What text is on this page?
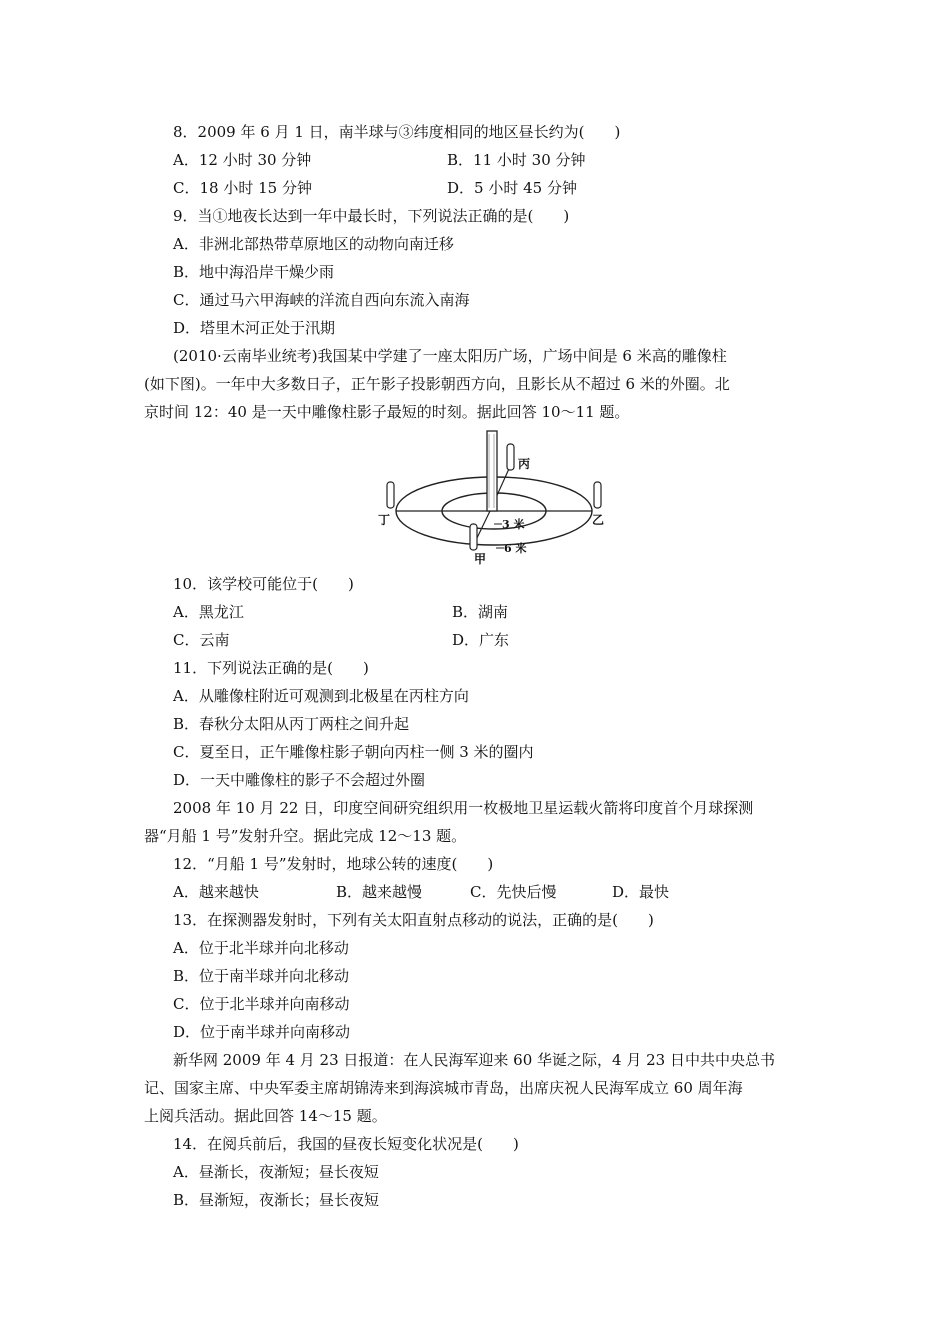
8．2009 年 6 月 1 日，南半球与③纬度相同的地区昼长约为(　　)
A．12 小时 30 分钟	B．11 小时 30 分钟
C．18 小时 15 分钟	D．5 小时 45 分钟
9．当①地夜长达到一年中最长时，下列说法正确的是(　　)
A．非洲北部热带草原地区的动物向南迁移
B．地中海沿岸干燥少雨
C．通过马六甲海峡的洋流自西向东流入南海
D．塔里木河正处于汛期
(2010·云南毕业统考)我国某中学建了一座太阳历广场，广场中间是 6 米高的雕像柱
(如下图)。一年中大多数日子，正午影子投影朝西方向，且影长从不超过 6 米的外圈。北
京时间 12：40 是一天中雕像柱影子最短的时刻。据此回答 10～11 题。
丙
丁	乙
甲
3 米
6 米
10．该学校可能位于(　　)
A．黑龙江	B．湖南
C．云南	D．广东
11．下列说法正确的是(　　)
A．从雕像柱附近可观测到北极星在丙柱方向
B．春秋分太阳从丙丁两柱之间升起
C．夏至日，正午雕像柱影子朝向丙柱一侧 3 米的圈内
D．一天中雕像柱的影子不会超过外圈
2008 年 10 月 22 日，印度空间研究组织用一枚极地卫星运载火箭将印度首个月球探测
器“月船 1 号”发射升空。据此完成 12～13 题。
12．“月船 1 号”发射时，地球公转的速度(　　)
A．越来越快	B．越来越慢	C．先快后慢	D．最快
13．在探测器发射时，下列有关太阳直射点移动的说法，正确的是(　　)
A．位于北半球并向北移动
B．位于南半球并向北移动
C．位于北半球并向南移动
D．位于南半球并向南移动
新华网 2009 年 4 月 23 日报道：在人民海军迎来 60 华诞之际，4 月 23 日中共中央总书
记、国家主席、中央军委主席胡锦涛来到海滨城市青岛，出席庆祝人民海军成立 60 周年海
上阅兵活动。据此回答 14～15 题。
14．在阅兵前后，我国的昼夜长短变化状况是(　　)
A．昼渐长，夜渐短；昼长夜短
B．昼渐短，夜渐长；昼长夜短
